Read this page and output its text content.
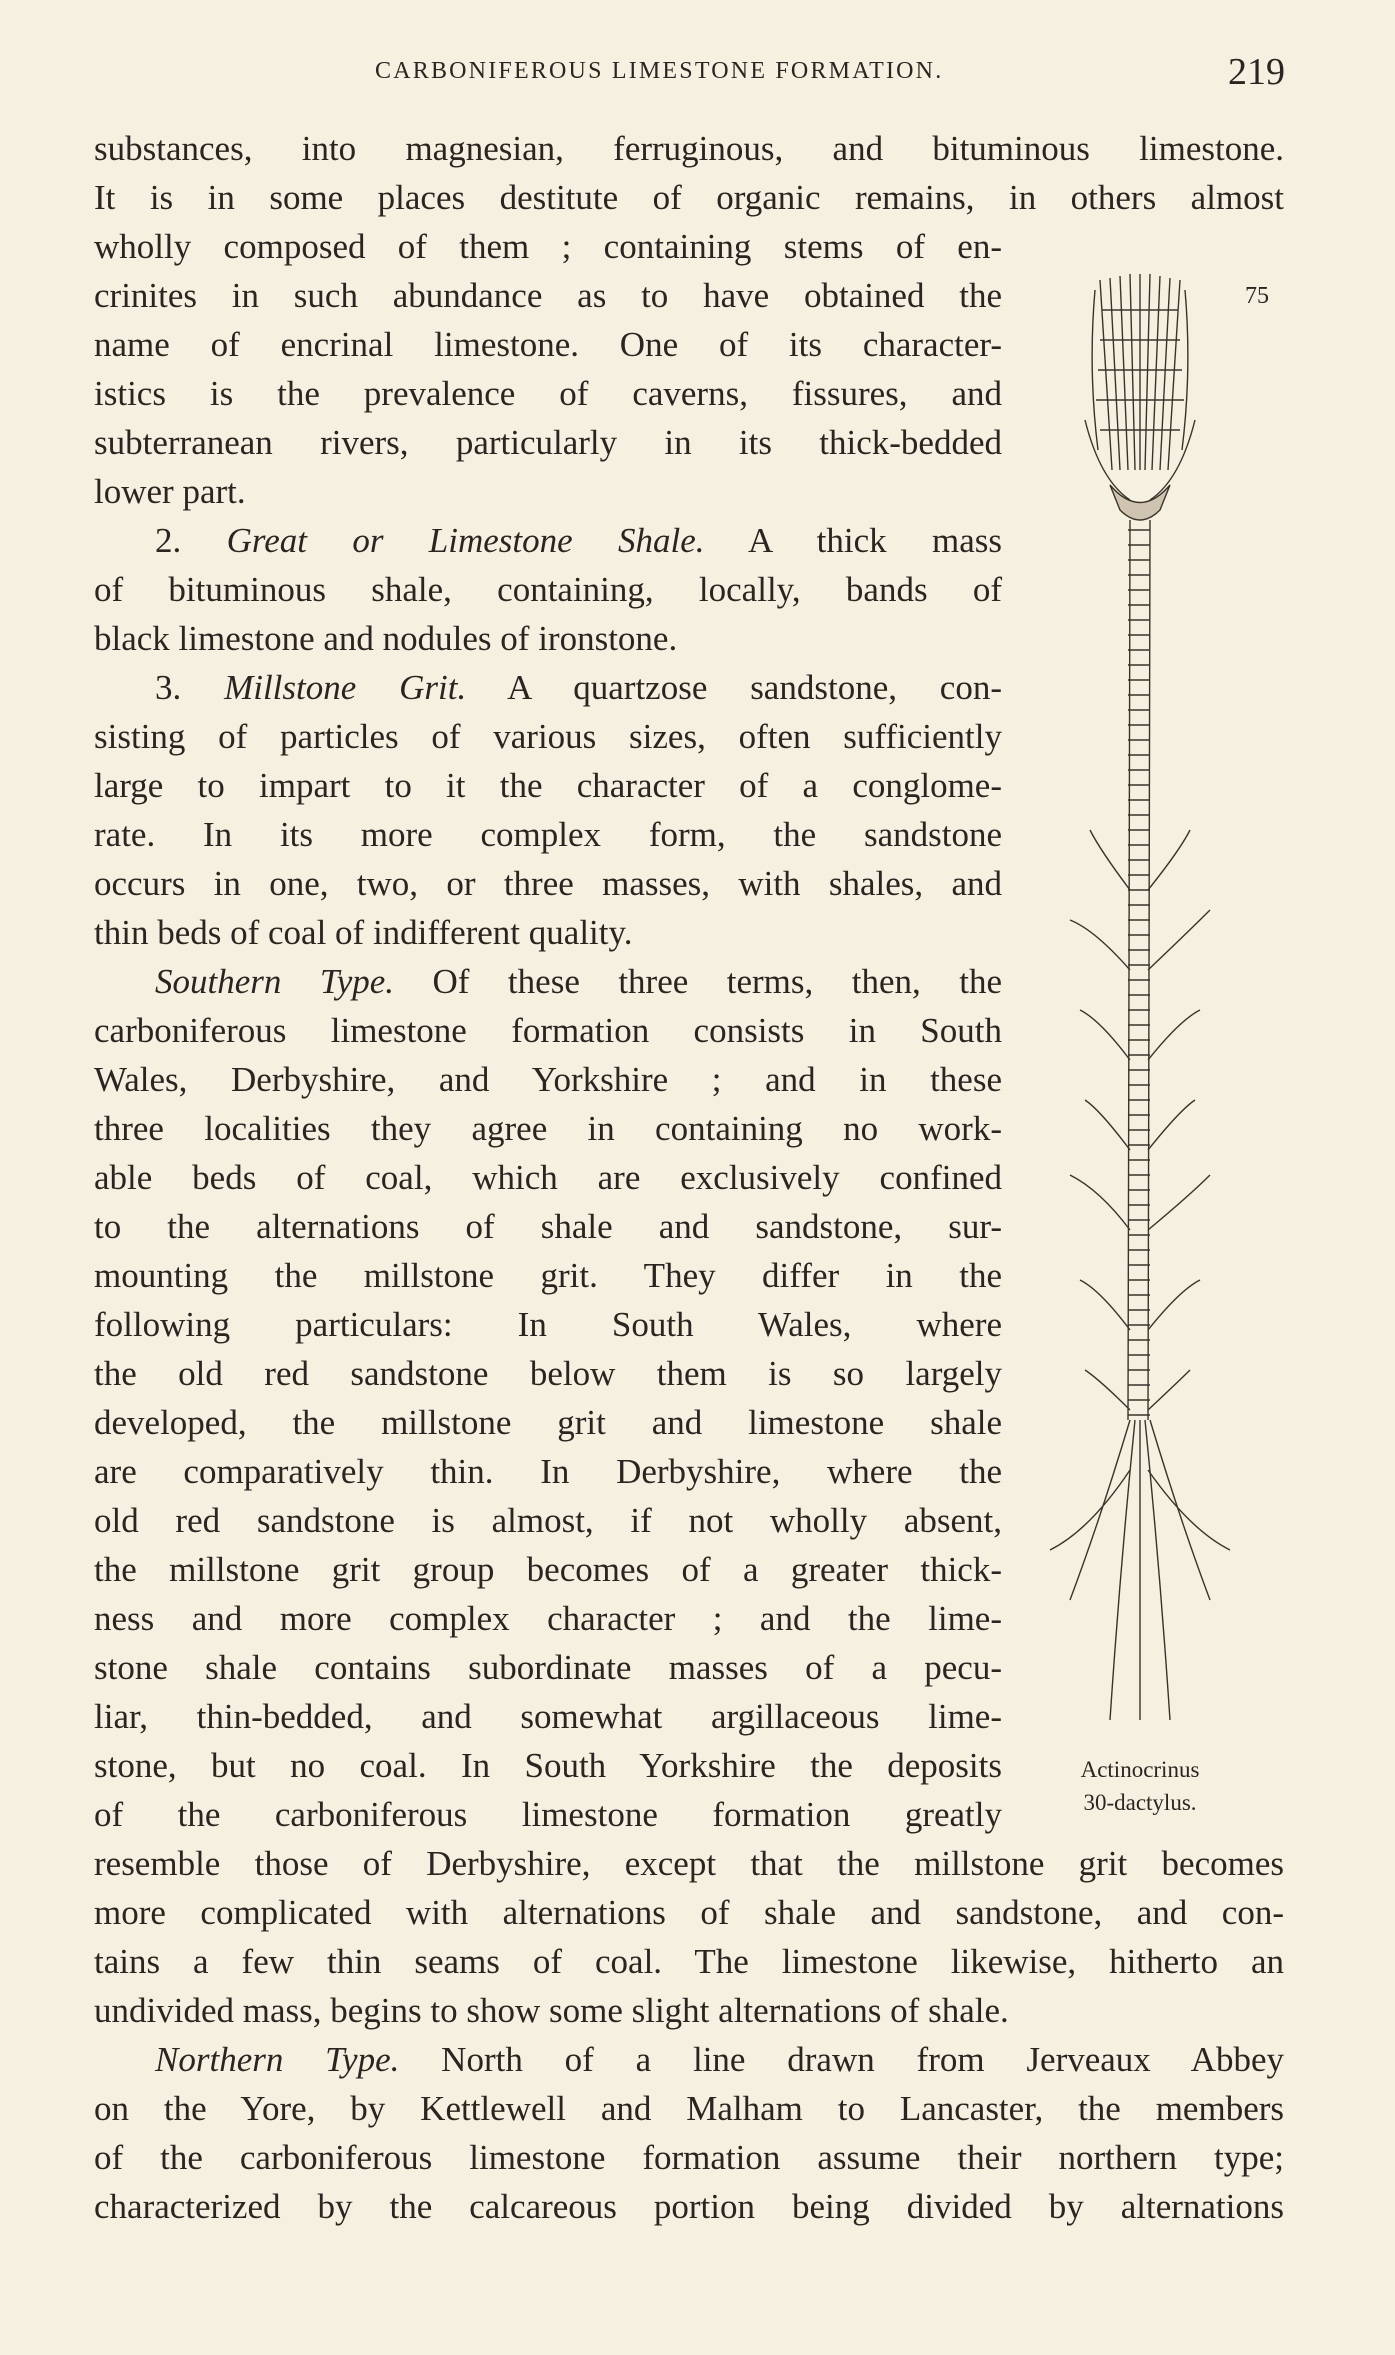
CARBONIFEROUS LIMESTONE FORMATION.	219
substances, into magnesian, ferruginous, and bituminous limestone.
It is in some places destitute of organic remains, in others almost
wholly composed of them ; containing stems of en-
crinites in such abundance as to have obtained the
name of encrinal limestone. One of its character-
istics is the prevalence of caverns, fissures, and
subterranean rivers, particularly in its thick-bedded
lower part.
2. Great or Limestone Shale. A thick mass
of bituminous shale, containing, locally, bands of
black limestone and nodules of ironstone.
3. Millstone Grit. A quartzose sandstone, con-
sisting of particles of various sizes, often sufficiently
large to impart to it the character of a conglome-
rate. In its more complex form, the sandstone
occurs in one, two, or three masses, with shales, and
thin beds of coal of indifferent quality.
Southern Type. Of these three terms, then, the
carboniferous limestone formation consists in South
Wales, Derbyshire, and Yorkshire ; and in these
three localities they agree in containing no work-
able beds of coal, which are exclusively confined
to the alternations of shale and sandstone, sur-
mounting the millstone grit. They differ in the
following particulars: In South Wales, where
the old red sandstone below them is so largely
developed, the millstone grit and limestone shale
are comparatively thin. In Derbyshire, where the
old red sandstone is almost, if not wholly absent,
the millstone grit group becomes of a greater thick-
ness and more complex character ; and the lime-
stone shale contains subordinate masses of a pecu-
liar, thin-bedded, and somewhat argillaceous lime-
stone, but no coal. In South Yorkshire the deposits
of the carboniferous limestone formation greatly
resemble those of Derbyshire, except that the millstone grit becomes
more complicated with alternations of shale and sandstone, and con-
tains a few thin seams of coal. The limestone likewise, hitherto an
undivided mass, begins to show some slight alternations of shale.
Northern Type. North of a line drawn from Jerveaux Abbey
on the Yore, by Kettlewell and Malham to Lancaster, the members
of the carboniferous limestone formation assume their northern type;
characterized by the calcareous portion being divided by alternations
75
Actinocrinus
30-dactylus.
